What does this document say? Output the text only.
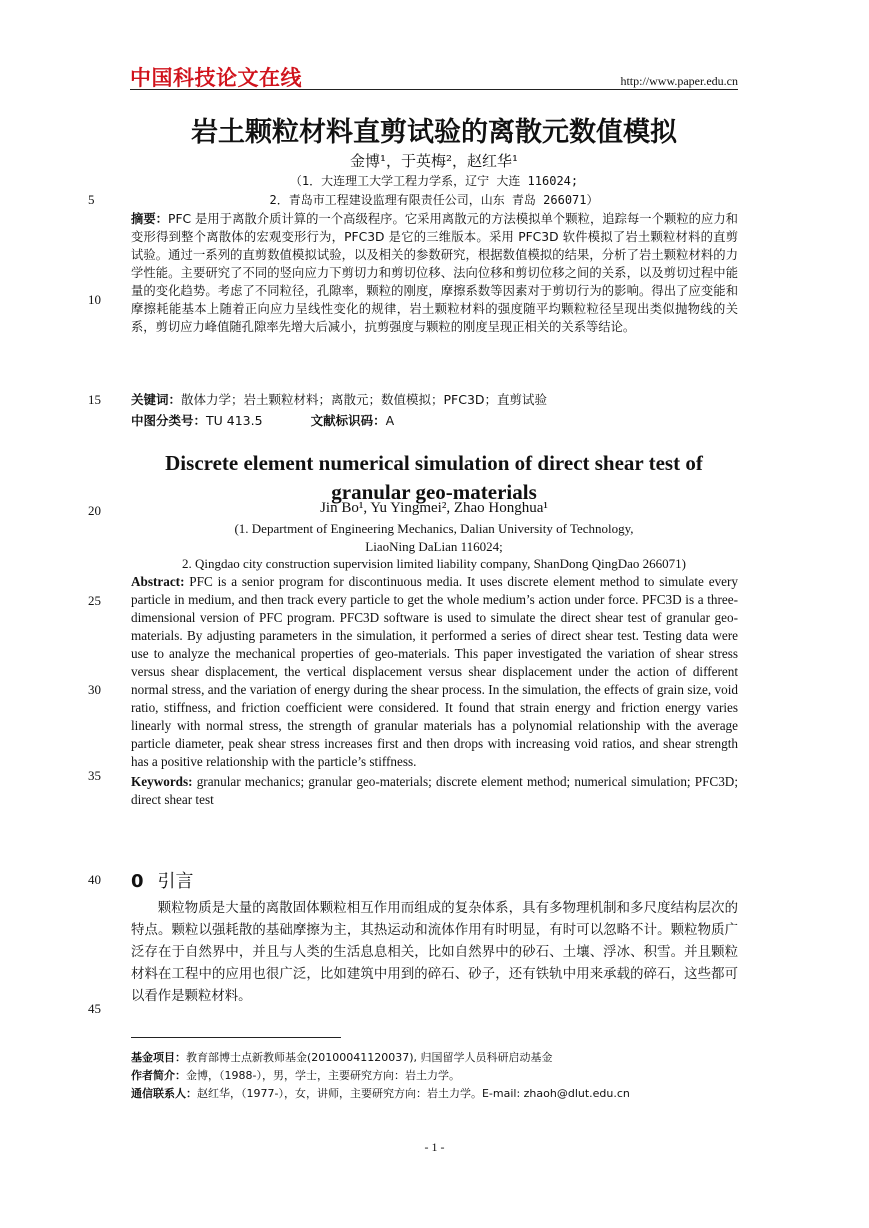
中国科技论文在线	http://www.paper.edu.cn
岩土颗粒材料直剪试验的离散元数值模拟
金博¹，于英梅²，赵红华¹
（1．大连理工大学工程力学系，辽宁 大连 116024;
2．青岛市工程建设监理有限责任公司，山东 青岛 266071）
5
10
15
20
25
30
35
40
45
摘要：PFC 是用于离散介质计算的一个高级程序。它采用离散元的方法模拟单个颗粒，追踪每一个颗粒的应力和变形得到整个离散体的宏观变形行为，PFC3D 是它的三维版本。采用 PFC3D 软件模拟了岩土颗粒材料的直剪试验。通过一系列的直剪数值模拟试验，以及相关的参数研究，根据数值模拟的结果，分析了岩土颗粒材料的力学性能。主要研究了不同的竖向应力下剪切力和剪切位移、法向位移和剪切位移之间的关系，以及剪切过程中能量的变化趋势。考虑了不同粒径，孔隙率，颗粒的刚度，摩擦系数等因素对于剪切行为的影响。得出了应变能和摩擦耗能基本上随着正向应力呈线性变化的规律，岩土颗粒材料的强度随平均颗粒粒径呈现出类似抛物线的关系，剪切应力峰值随孔隙率先增大后减小，抗剪强度与颗粒的刚度呈现正相关的关系等结论。
关键词：散体力学；岩土颗粒材料；离散元；数值模拟；PFC3D；直剪试验
中图分类号：TU 413.5	文献标识码：A
Discrete element numerical simulation of direct shear test of granular geo-materials
Jin Bo¹, Yu Yingmei², Zhao Honghua¹
(1. Department of Engineering Mechanics, Dalian University of Technology,
LiaoNing DaLian 116024;
2. Qingdao city construction supervision limited liability company, ShanDong QingDao 266071)
Abstract: PFC is a senior program for discontinuous media. It uses discrete element method to simulate every particle in medium, and then track every particle to get the whole medium’s action under force. PFC3D is a three-dimensional version of PFC program. PFC3D software is used to simulate the direct shear test of granular geo-materials. By adjusting parameters in the simulation, it performed a series of direct shear test. Testing data were use to analyze the mechanical properties of geo-materials. This paper investigated the variation of shear stress versus shear displacement, the vertical displacement versus shear displacement under the action of different normal stress, and the variation of energy during the shear process. In the simulation, the effects of grain size, void ratio, stiffness, and friction coefficient were considered. It found that strain energy and friction energy varies linearly with normal stress, the strength of granular materials has a polynomial relationship with the average particle diameter, peak shear stress increases first and then drops with increasing void ratios, and shear strength has a positive relationship with the particle’s stiffness.
Keywords: granular mechanics; granular geo-materials; discrete element method; numerical simulation; PFC3D; direct shear test
0 引言
颗粒物质是大量的离散固体颗粒相互作用而组成的复杂体系，具有多物理机制和多尺度结构层次的特点。颗粒以强耗散的基础摩擦为主，其热运动和流体作用有时明显，有时可以忽略不计。颗粒物质广泛存在于自然界中，并且与人类的生活息息相关，比如自然界中的砂石、土壤、浮冰、积雪。并且颗粒材料在工程中的应用也很广泛，比如建筑中用到的碎石、砂子，还有铁轨中用来承载的碎石，这些都可以看作是颗粒材料。
基金项目：教育部博士点新教师基金(20100041120037), 归国留学人员科研启动基金
作者简介：金博，（1988-），男，学士，主要研究方向：岩土力学。
通信联系人：赵红华，（1977-），女，讲师，主要研究方向：岩土力学。E-mail: zhaoh@dlut.edu.cn
- 1 -
